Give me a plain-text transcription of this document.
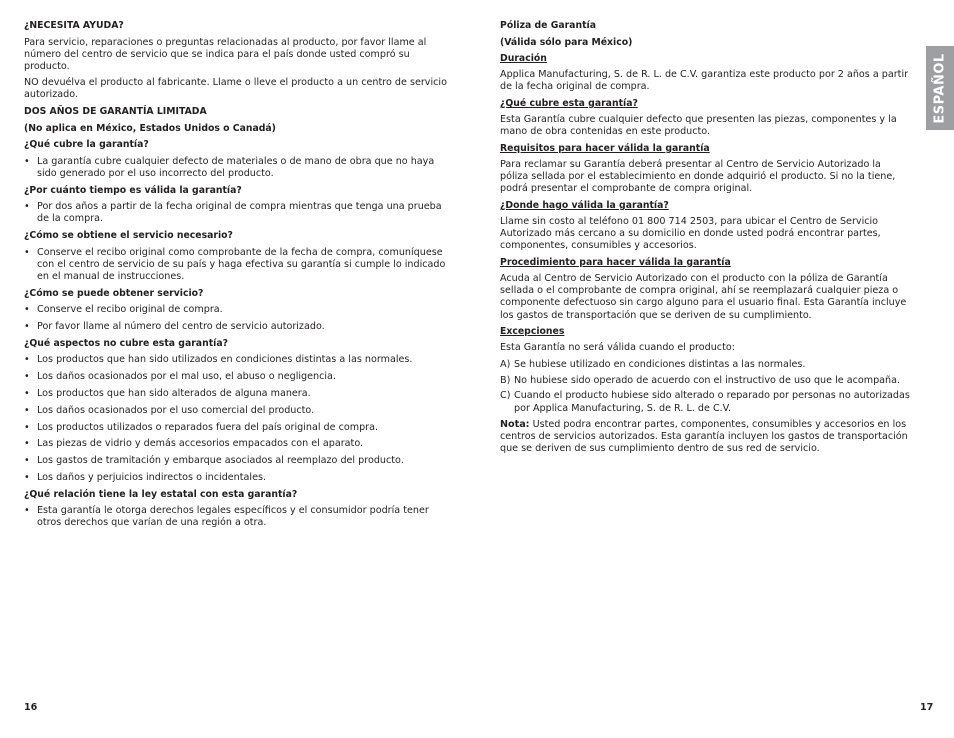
¿NECESITA AYUDA?
Para servicio, reparaciones o preguntas relacionadas al producto, por favor llame al número del centro de servicio que se indica para el país donde usted compró su producto.
NO devuélva el producto al fabricante. Llame o lleve el producto a un centro de servicio autorizado.
DOS AÑOS DE GARANTÍA LIMITADA
(No aplica en México, Estados Unidos o Canadá)
¿Qué cubre la garantía?
• La garantía cubre cualquier defecto de materiales o de mano de obra que no haya sido generado por el uso incorrecto del producto.
¿Por cuánto tiempo es válida la garantía?
• Por dos años a partir de la fecha original de compra mientras que tenga una prueba de la compra.
¿Cómo se obtiene el servicio necesario?
• Conserve el recibo original como comprobante de la fecha de compra, comuníquese con el centro de servicio de su país y haga efectiva su garantía si cumple lo indicado en el manual de instrucciones.
¿Cómo se puede obtener servicio?
• Conserve el recibo original de compra.
• Por favor llame al número del centro de servicio autorizado.
¿Qué aspectos no cubre esta garantía?
• Los productos que han sido utilizados en condiciones distintas a las normales.
• Los daños ocasionados por el mal uso, el abuso o negligencia.
• Los productos que han sido alterados de alguna manera.
• Los daños ocasionados por el uso comercial del producto.
• Los productos utilizados o reparados fuera del país original de compra.
• Las piezas de vidrio y demás accesorios empacados con el aparato.
• Los gastos de tramitación y embarque asociados al reemplazo del producto.
• Los daños y perjuicios indirectos o incidentales.
¿Qué relación tiene la ley estatal con esta garantía?
• Esta garantía le otorga derechos legales específicos y el consumidor podría tener otros derechos que varían de una región a otra.
Póliza de Garantía
(Válida sólo para México)
Duración
Applica Manufacturing, S. de R. L. de C.V. garantiza este producto por 2 años a partir de la fecha original de compra.
¿Qué cubre esta garantía?
Esta Garantía cubre cualquier defecto que presenten las piezas, componentes y la mano de obra contenidas en este producto.
Requisitos para hacer válida la garantía
Para reclamar su Garantía deberá presentar al Centro de Servicio Autorizado la póliza sellada por el establecimiento en donde adquirió el producto. Si no la tiene, podrá presentar el comprobante de compra original.
¿Donde hago válida la garantía?
Llame sin costo al teléfono 01 800 714 2503, para ubicar el Centro de Servicio Autorizado más cercano a su domicilio en donde usted podrá encontrar partes, componentes, consumibles y accesorios.
Procedimiento para hacer válida la garantía
Acuda al Centro de Servicio Autorizado con el producto con la póliza de Garantía sellada o el comprobante de compra original, ahí se reemplazará cualquier pieza o componente defectuoso sin cargo alguno para el usuario final. Esta Garantía incluye los gastos de transportación que se deriven de su cumplimiento.
Excepciones
Esta Garantía no será válida cuando el producto:
A) Se hubiese utilizado en condiciones distintas a las normales.
B) No hubiese sido operado de acuerdo con el instructivo de uso que le acompaña.
C) Cuando el producto hubiese sido alterado o reparado por personas no autorizadas por Applica Manufacturing, S. de R. L. de C.V.
Nota: Usted podra encontrar partes, componentes, consumibles y accesorios en los centros de servicios autorizados. Esta garantía incluyen los gastos de transportación que se deriven de sus cumplimiento dentro de sus red de servicio.
16	17
ESPAÑOL
